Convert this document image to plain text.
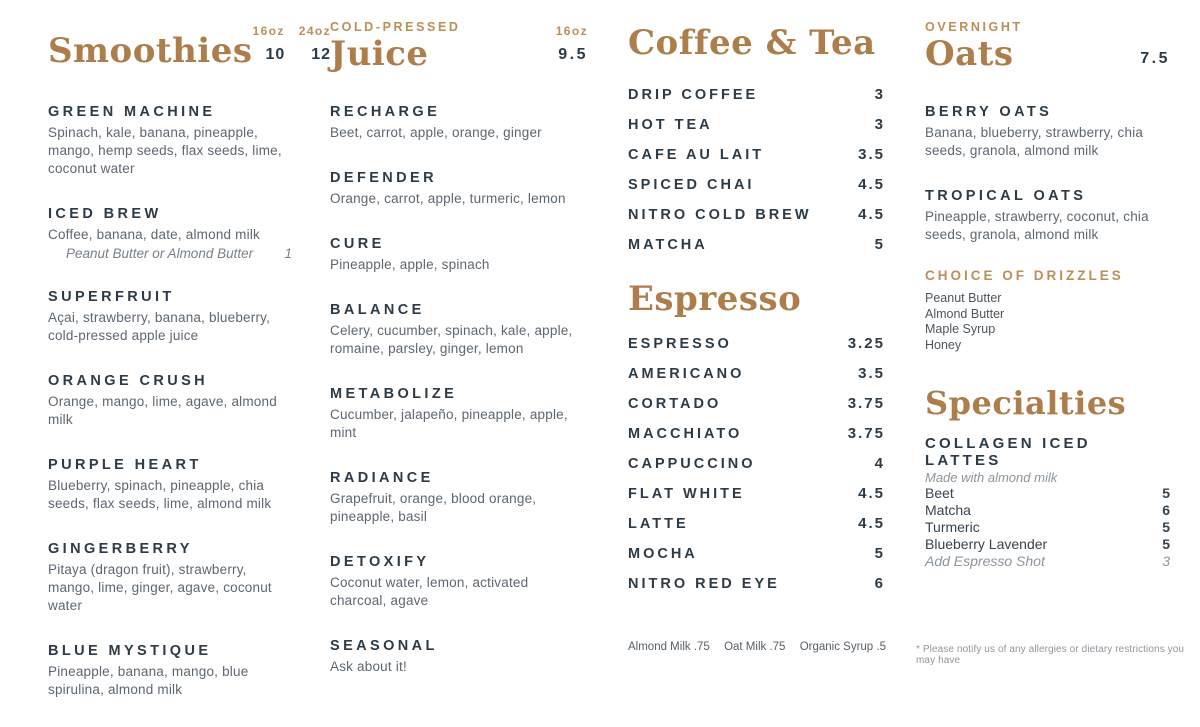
Smoothies 16oz 24oz
10 12
GREEN MACHINE
Spinach, kale, banana, pineapple, mango, hemp seeds, flax seeds, lime, coconut water
ICED BREW
Coffee, banana, date, almond milk
Peanut Butter or Almond Butter 1
SUPERFRUIT
Açai, strawberry, banana, blueberry, cold-pressed apple juice
ORANGE CRUSH
Orange, mango, lime, agave, almond milk
PURPLE HEART
Blueberry, spinach, pineapple, chia seeds, flax seeds, lime, almond milk
GINGERBERRY
Pitaya (dragon fruit), strawberry, mango, lime, ginger, agave, coconut water
BLUE MYSTIQUE
Pineapple, banana, mango, blue spirulina, almond milk
COLD-PRESSED
Juice
16oz
9.5
RECHARGE
Beet, carrot, apple, orange, ginger
DEFENDER
Orange, carrot, apple, turmeric, lemon
CURE
Pineapple, apple, spinach
BALANCE
Celery, cucumber, spinach, kale, apple, romaine, parsley, ginger, lemon
METABOLIZE
Cucumber, jalapeño, pineapple, apple, mint
RADIANCE
Grapefruit, orange, blood orange, pineapple, basil
DETOXIFY
Coconut water, lemon, activated charcoal, agave
SEASONAL
Ask about it!
Coffee & Tea
DRIP COFFEE	3
HOT TEA	3
CAFE AU LAIT	3.5
SPICED CHAI	4.5
NITRO COLD BREW	4.5
MATCHA	5
Espresso
ESPRESSO	3.25
AMERICANO	3.5
CORTADO	3.75
MACCHIATO	3.75
CAPPUCCINO	4
FLAT WHITE	4.5
LATTE	4.5
MOCHA	5
NITRO RED EYE	6
OVERNIGHT
Oats	7.5
BERRY OATS
Banana, blueberry, strawberry, chia seeds, granola, almond milk
TROPICAL OATS
Pineapple, strawberry, coconut, chia seeds, granola, almond milk
CHOICE OF DRIZZLES
Peanut Butter
Almond Butter
Maple Syrup
Honey
Specialties
COLLAGEN ICED LATTES
Made with almond milk
Beet	5
Matcha	6
Turmeric	5
Blueberry Lavender	5
Add Espresso Shot	3
Almond Milk .75 Oat Milk .75 Organic Syrup .5	* Please notify us of any allergies or dietary restrictions you may have
